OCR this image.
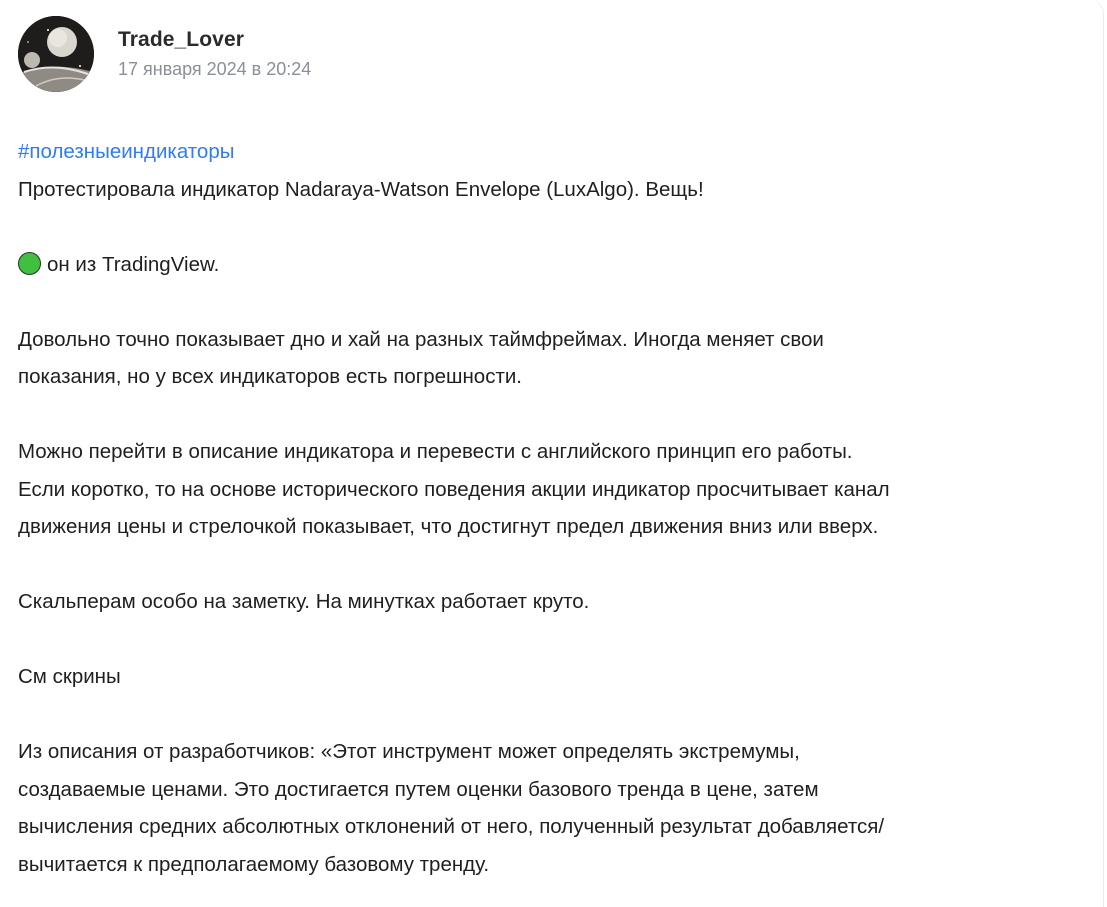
Trade_Lover
17 января 2024 в 20:24

#полезныеиндикаторы

Протестировала индикатор Nadaraya-Watson Envelope (LuxAlgo). Вещь!

он из TradingView.

Довольно точно показывает дно и хай на разных таймфреймах. Иногда меняет свои

показания, но у всех индикаторов есть погрешности.

Можно перейти в описание индикатора и перевести с английского принцип его работы.

Если коротко, то на основе исторического поведения акции индикатор просчитывает канал

движения цены и стрелочкой показывает, что достигнут предел движения вниз или вверх.

Скальперам особо на заметку. На минутках работает круто.

См скрины

Из описания от разработчиков: «Этот инструмент может определять экстремумы,

создаваемые ценами. Это достигается путем оценки базового тренда в цене, затем

вычисления средних абсолютных отклонений от него, полученный результат добавляется/

вычитается к предполагаемому базовому тренду.
